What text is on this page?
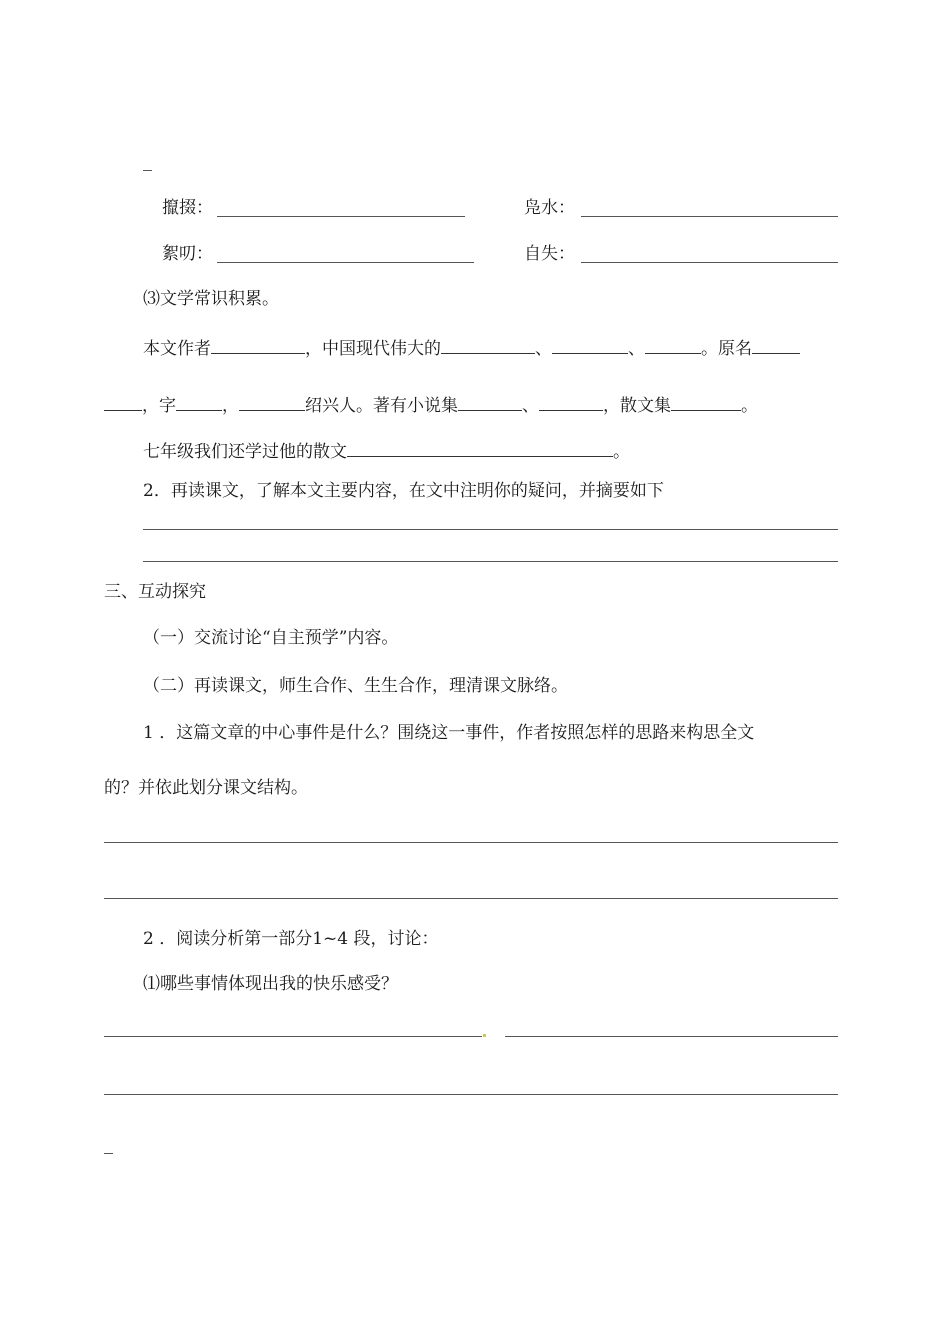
攛掇：	凫水：
絮叨：	自失：
⑶文学常识积累。
本文作者	，中国现代伟大的	、	、	。原名
，字	，	绍兴人。著有小说集	、	，散文集	。
七年级我们还学过他的散文	。
2．再读课文，了解本文主要内容，在文中注明你的疑问，并摘要如下
三、互动探究
（一）交流讨论“自主预学”内容。
（二）再读课文，师生合作、生生合作，理清课文脉络。
1 ．这篇文章的中心事件是什么？围绕这一事件，作者按照怎样的思路来构思全文
的？并依此划分课文结构。
2 ．阅读分析第一部分1~4 段，讨论：
⑴哪些事情体现出我的快乐感受？
